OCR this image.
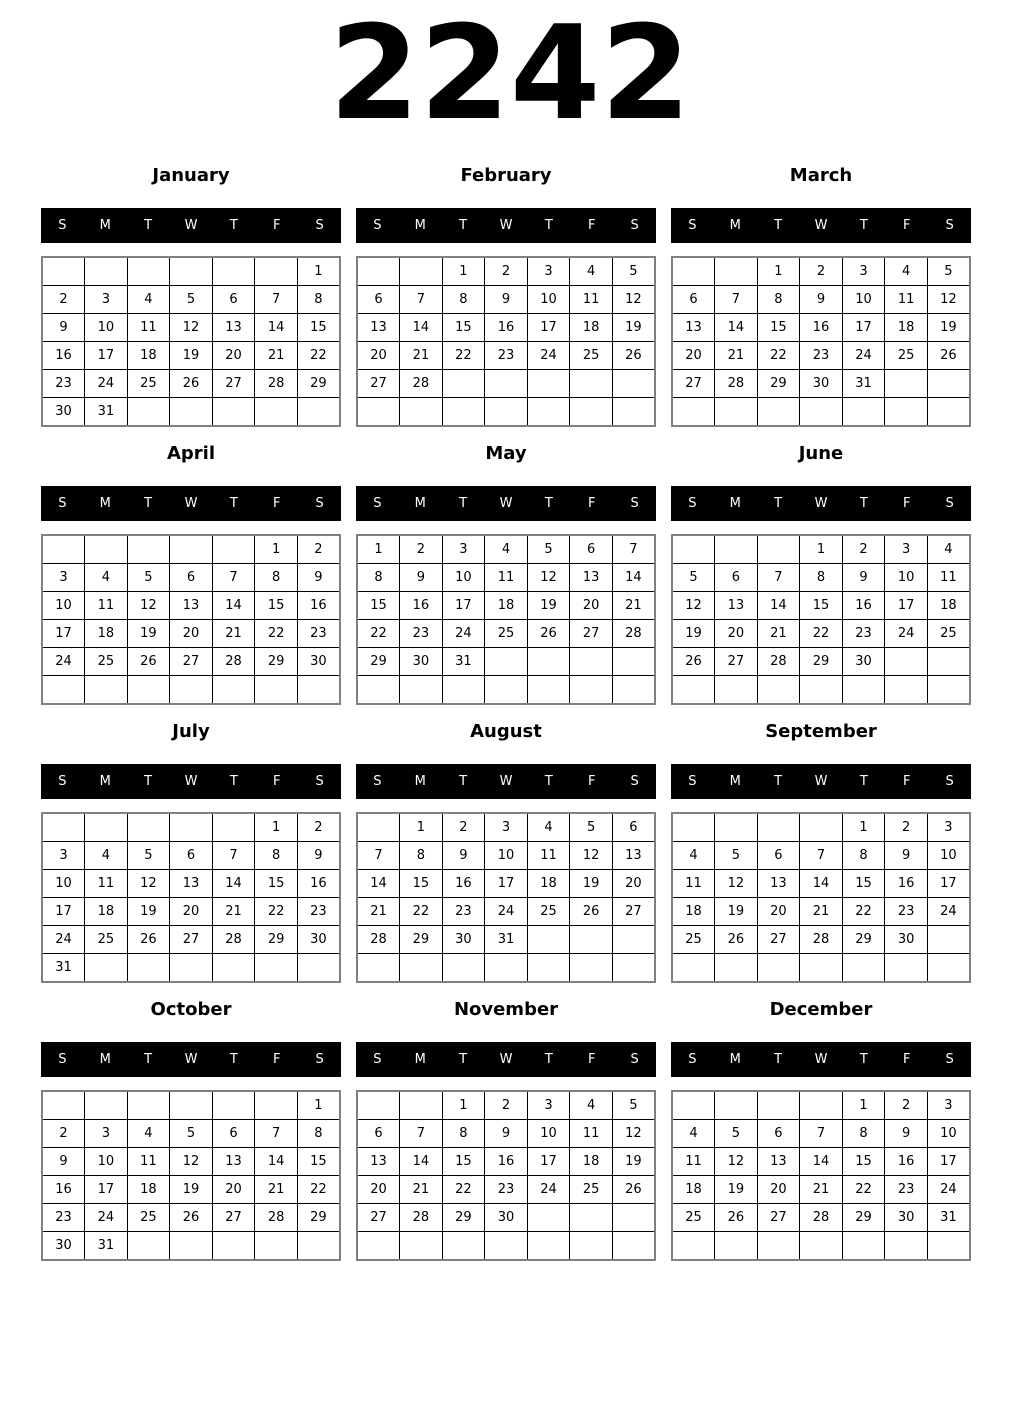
2242
January
S	M	T	W	T	F	S
						1
2	3	4	5	6	7	8
9	10	11	12	13	14	15
16	17	18	19	20	21	22
23	24	25	26	27	28	29
30	31					
February
S	M	T	W	T	F	S
		1	2	3	4	5
6	7	8	9	10	11	12
13	14	15	16	17	18	19
20	21	22	23	24	25	26
27	28					

March
S	M	T	W	T	F	S
		1	2	3	4	5
6	7	8	9	10	11	12
13	14	15	16	17	18	19
20	21	22	23	24	25	26
27	28	29	30	31		

April
S	M	T	W	T	F	S
					1	2
3	4	5	6	7	8	9
10	11	12	13	14	15	16
17	18	19	20	21	22	23
24	25	26	27	28	29	30

May
S	M	T	W	T	F	S
1	2	3	4	5	6	7
8	9	10	11	12	13	14
15	16	17	18	19	20	21
22	23	24	25	26	27	28
29	30	31				

June
S	M	T	W	T	F	S
			1	2	3	4
5	6	7	8	9	10	11
12	13	14	15	16	17	18
19	20	21	22	23	24	25
26	27	28	29	30		

July
S	M	T	W	T	F	S
					1	2
3	4	5	6	7	8	9
10	11	12	13	14	15	16
17	18	19	20	21	22	23
24	25	26	27	28	29	30
31						
August
S	M	T	W	T	F	S
	1	2	3	4	5	6
7	8	9	10	11	12	13
14	15	16	17	18	19	20
21	22	23	24	25	26	27
28	29	30	31			

September
S	M	T	W	T	F	S
				1	2	3
4	5	6	7	8	9	10
11	12	13	14	15	16	17
18	19	20	21	22	23	24
25	26	27	28	29	30	

October
S	M	T	W	T	F	S
						1
2	3	4	5	6	7	8
9	10	11	12	13	14	15
16	17	18	19	20	21	22
23	24	25	26	27	28	29
30	31					
November
S	M	T	W	T	F	S
		1	2	3	4	5
6	7	8	9	10	11	12
13	14	15	16	17	18	19
20	21	22	23	24	25	26
27	28	29	30			

December
S	M	T	W	T	F	S
				1	2	3
4	5	6	7	8	9	10
11	12	13	14	15	16	17
18	19	20	21	22	23	24
25	26	27	28	29	30	31
